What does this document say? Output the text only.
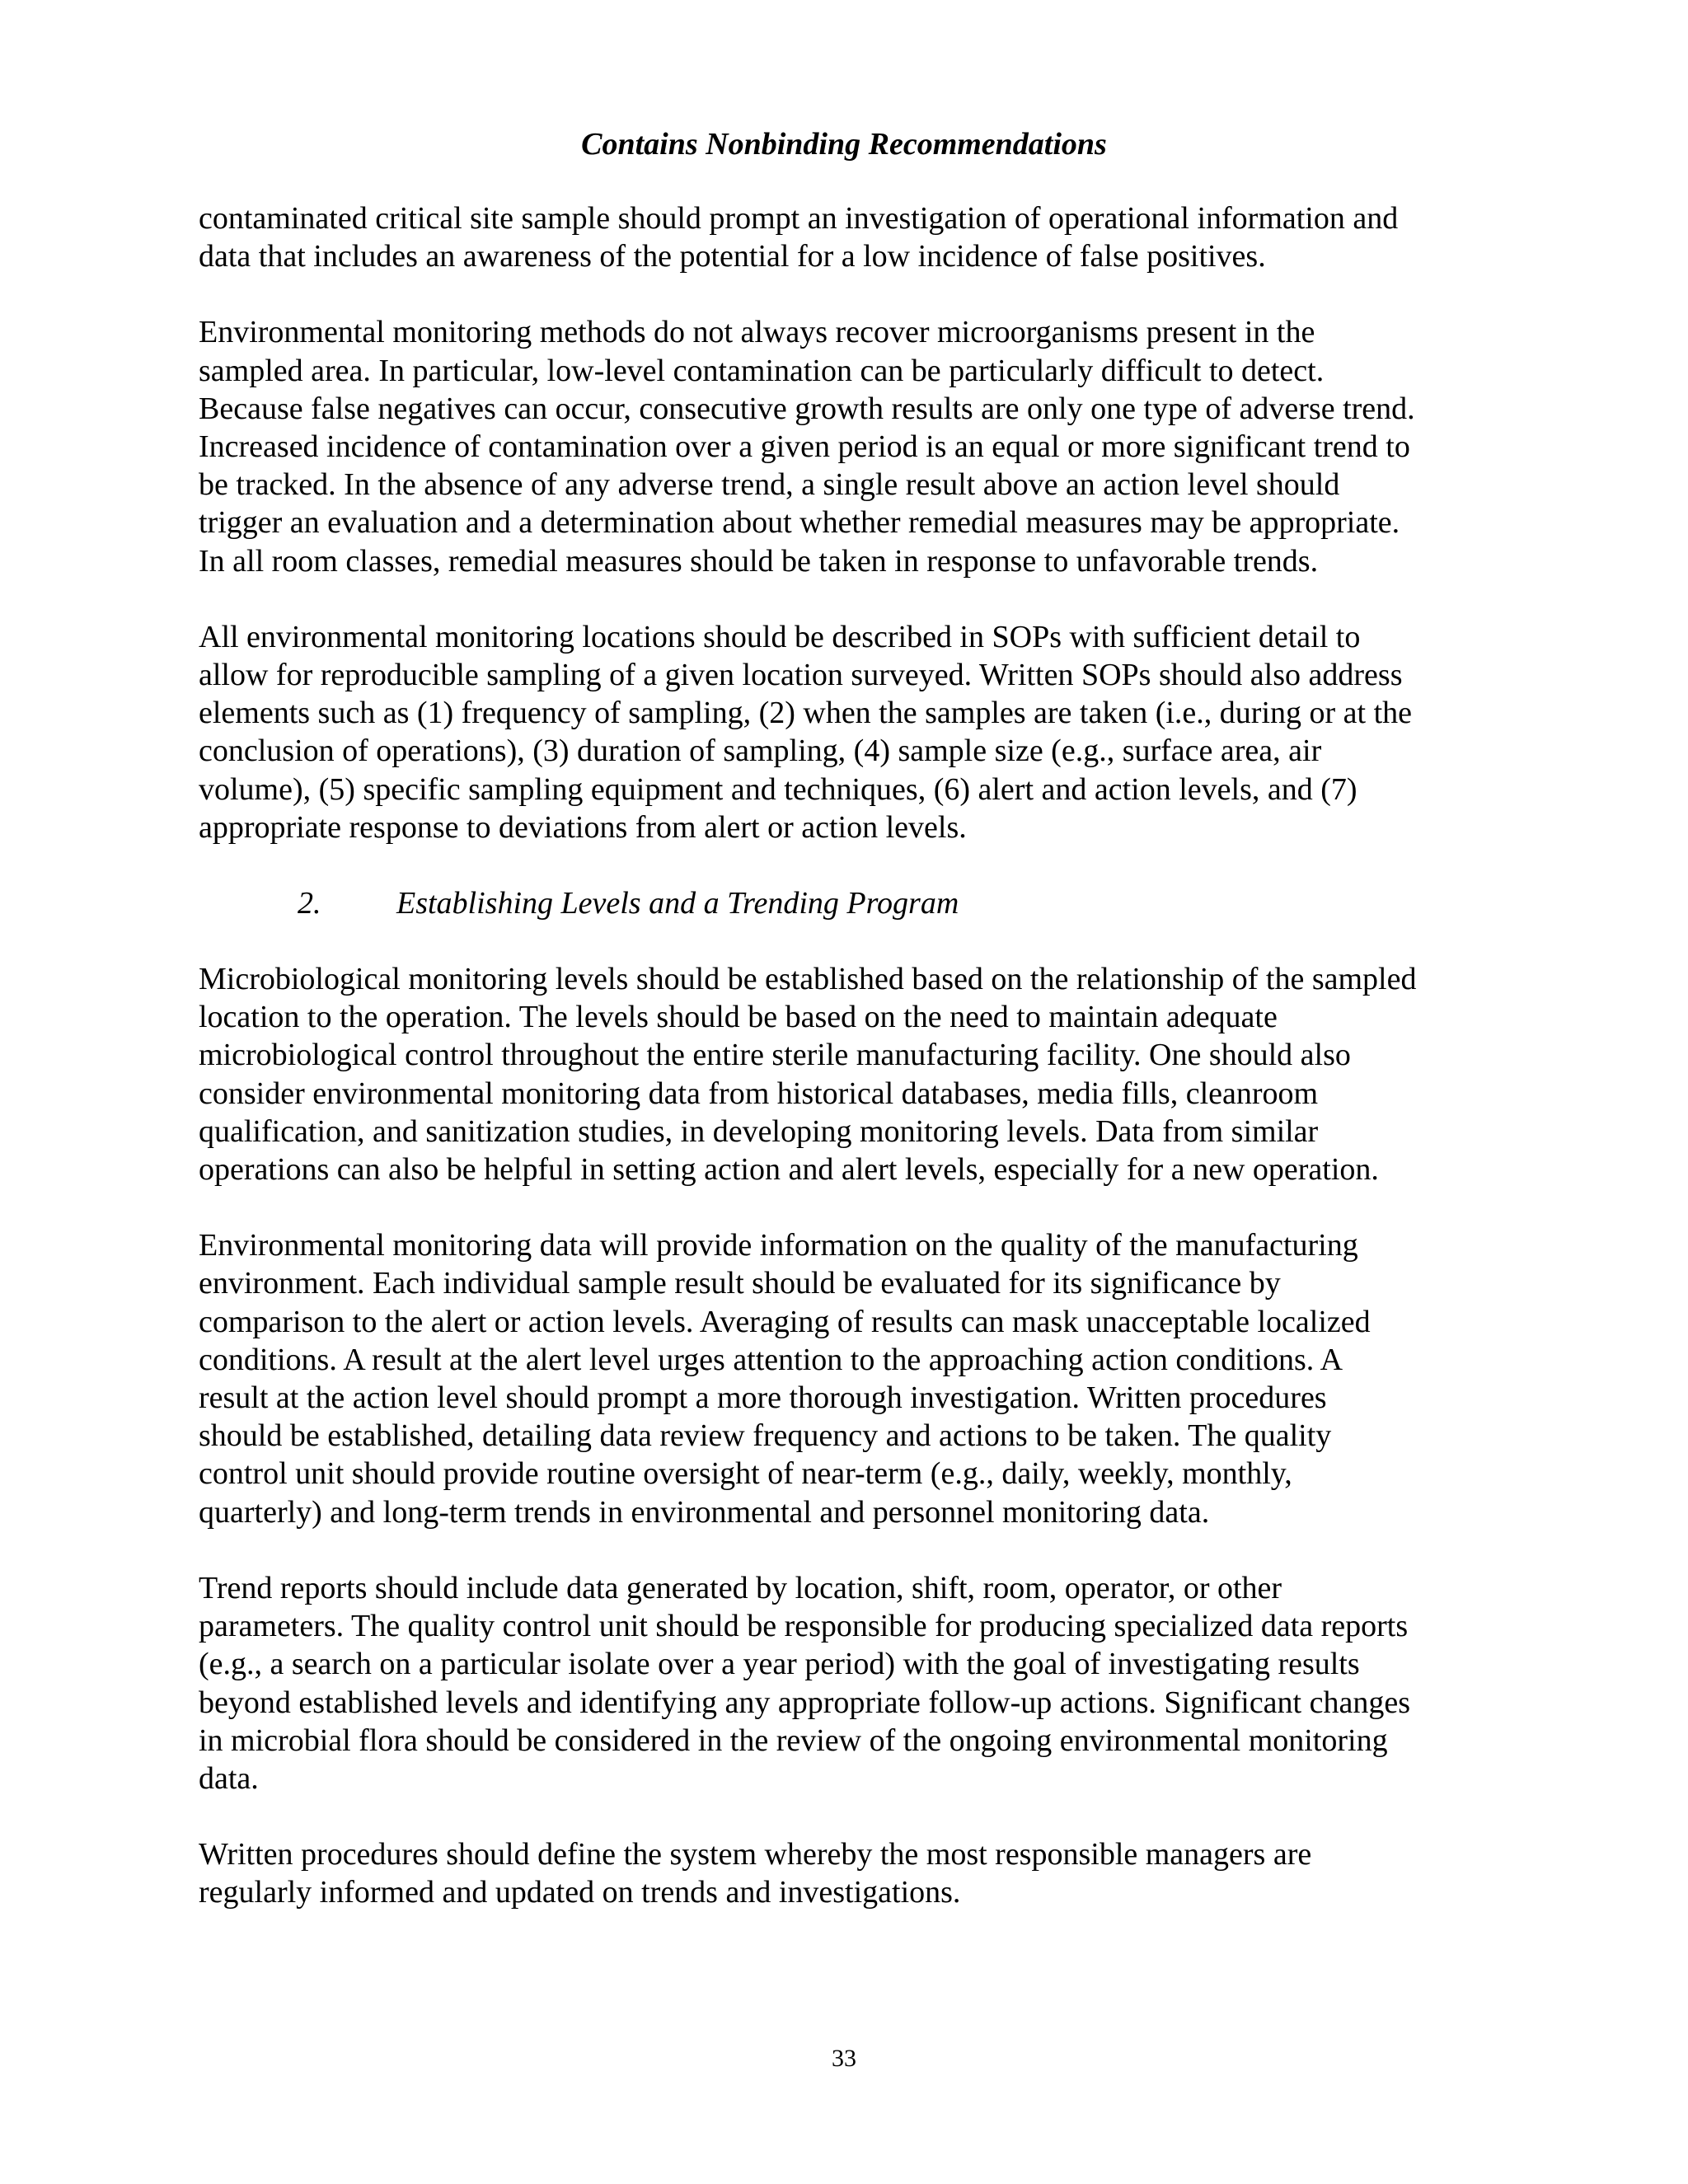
Contains Nonbinding Recommendations

contaminated critical site sample should prompt an investigation of operational information and
data that includes an awareness of the potential for a low incidence of false positives.

Environmental monitoring methods do not always recover microorganisms present in the
sampled area. In particular, low-level contamination can be particularly difficult to detect.
Because false negatives can occur, consecutive growth results are only one type of adverse trend.
Increased incidence of contamination over a given period is an equal or more significant trend to
be tracked. In the absence of any adverse trend, a single result above an action level should
trigger an evaluation and a determination about whether remedial measures may be appropriate.
In all room classes, remedial measures should be taken in response to unfavorable trends.

All environmental monitoring locations should be described in SOPs with sufficient detail to
allow for reproducible sampling of a given location surveyed. Written SOPs should also address
elements such as (1) frequency of sampling, (2) when the samples are taken (i.e., during or at the
conclusion of operations), (3) duration of sampling, (4) sample size (e.g., surface area, air
volume), (5) specific sampling equipment and techniques, (6) alert and action levels, and (7)
appropriate response to deviations from alert or action levels.

2. Establishing Levels and a Trending Program

Microbiological monitoring levels should be established based on the relationship of the sampled
location to the operation. The levels should be based on the need to maintain adequate
microbiological control throughout the entire sterile manufacturing facility. One should also
consider environmental monitoring data from historical databases, media fills, cleanroom
qualification, and sanitization studies, in developing monitoring levels. Data from similar
operations can also be helpful in setting action and alert levels, especially for a new operation.

Environmental monitoring data will provide information on the quality of the manufacturing
environment. Each individual sample result should be evaluated for its significance by
comparison to the alert or action levels. Averaging of results can mask unacceptable localized
conditions. A result at the alert level urges attention to the approaching action conditions. A
result at the action level should prompt a more thorough investigation. Written procedures
should be established, detailing data review frequency and actions to be taken. The quality
control unit should provide routine oversight of near-term (e.g., daily, weekly, monthly,
quarterly) and long-term trends in environmental and personnel monitoring data.

Trend reports should include data generated by location, shift, room, operator, or other
parameters. The quality control unit should be responsible for producing specialized data reports
(e.g., a search on a particular isolate over a year period) with the goal of investigating results
beyond established levels and identifying any appropriate follow-up actions. Significant changes
in microbial flora should be considered in the review of the ongoing environmental monitoring
data.

Written procedures should define the system whereby the most responsible managers are
regularly informed and updated on trends and investigations.

33
